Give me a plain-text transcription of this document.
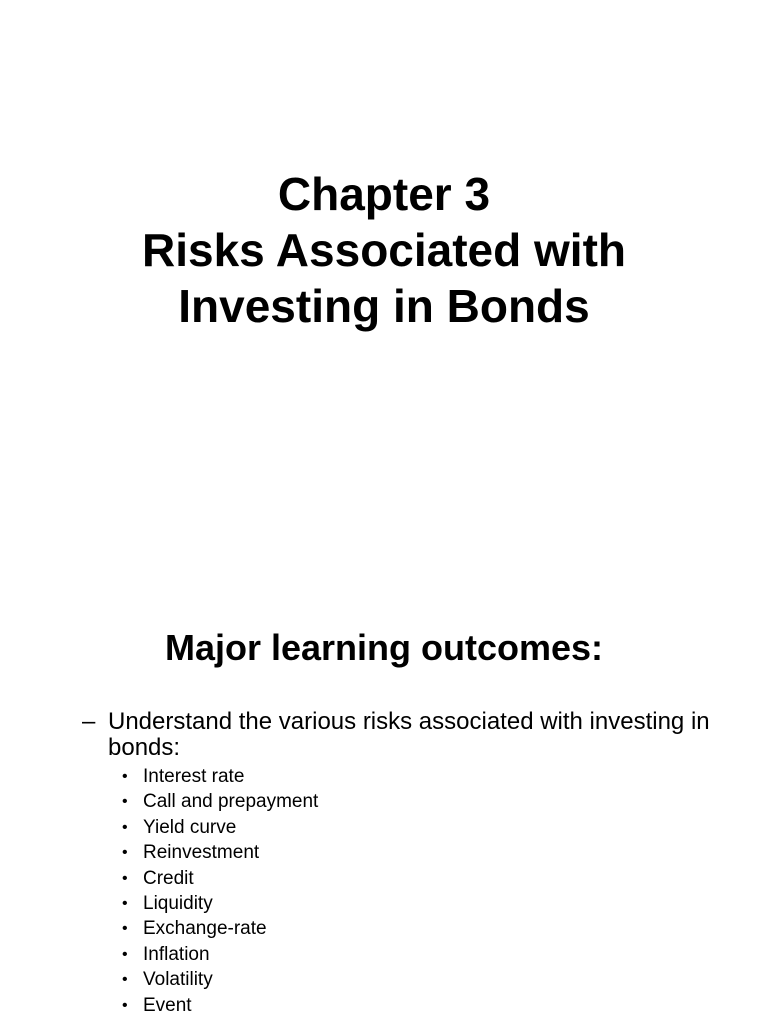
Chapter 3
Risks Associated with
Investing in Bonds
Major learning outcomes:
– Understand the various risks associated with investing in bonds:
• Interest rate
• Call and prepayment
• Yield curve
• Reinvestment
• Credit
• Liquidity
• Exchange-rate
• Inflation
• Volatility
• Event
